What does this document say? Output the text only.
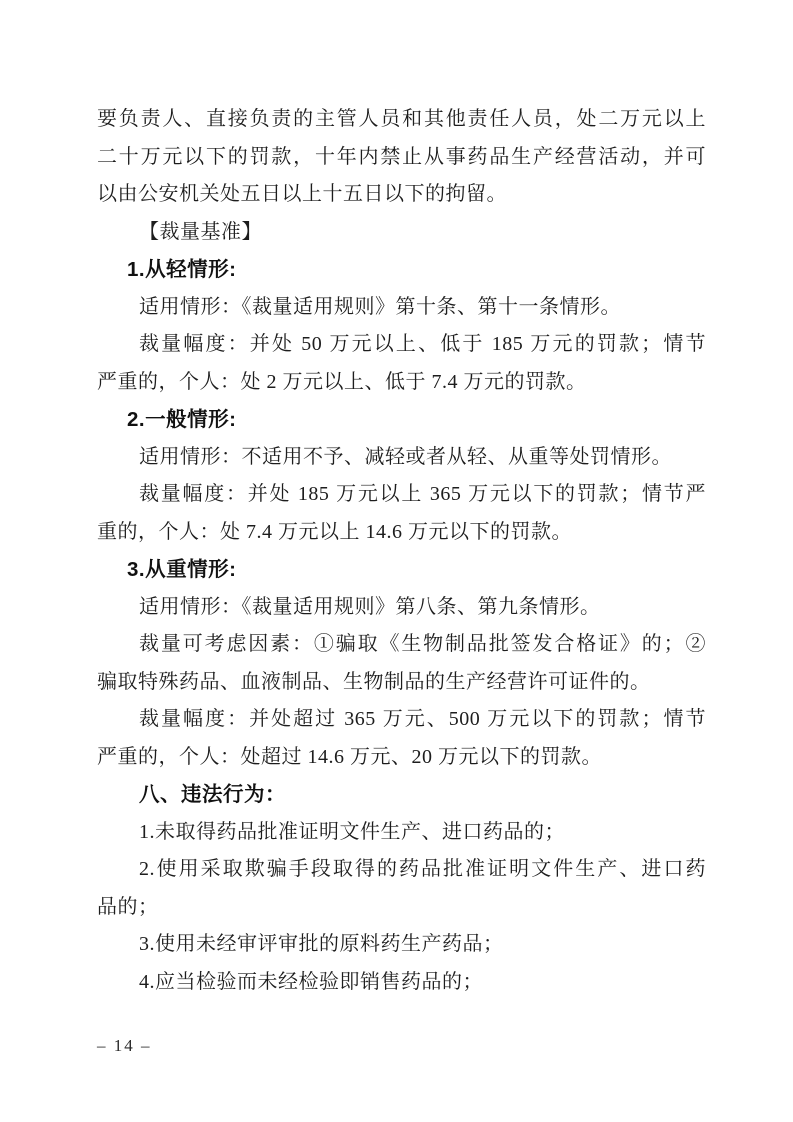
要负责人、直接负责的主管人员和其他责任人员，处二万元以上
二十万元以下的罚款，十年内禁止从事药品生产经营活动，并可
以由公安机关处五日以上十五日以下的拘留。
【裁量基准】
1.从轻情形:
适用情形：《裁量适用规则》第十条、第十一条情形。
裁量幅度：并处 50 万元以上、低于 185 万元的罚款；情节
严重的，个人：处 2 万元以上、低于 7.4 万元的罚款。
2.一般情形:
适用情形：不适用不予、减轻或者从轻、从重等处罚情形。
裁量幅度：并处 185 万元以上 365 万元以下的罚款；情节严
重的，个人：处 7.4 万元以上 14.6 万元以下的罚款。
3.从重情形:
适用情形：《裁量适用规则》第八条、第九条情形。
裁量可考虑因素：①骗取《生物制品批签发合格证》的；②
骗取特殊药品、血液制品、生物制品的生产经营许可证件的。
裁量幅度：并处超过 365 万元、500 万元以下的罚款；情节
严重的，个人：处超过 14.6 万元、20 万元以下的罚款。
八、违法行为：
1.未取得药品批准证明文件生产、进口药品的；
2.使用采取欺骗手段取得的药品批准证明文件生产、进口药
品的；
3.使用未经审评审批的原料药生产药品；
4.应当检验而未经检验即销售药品的；
– 14 –
